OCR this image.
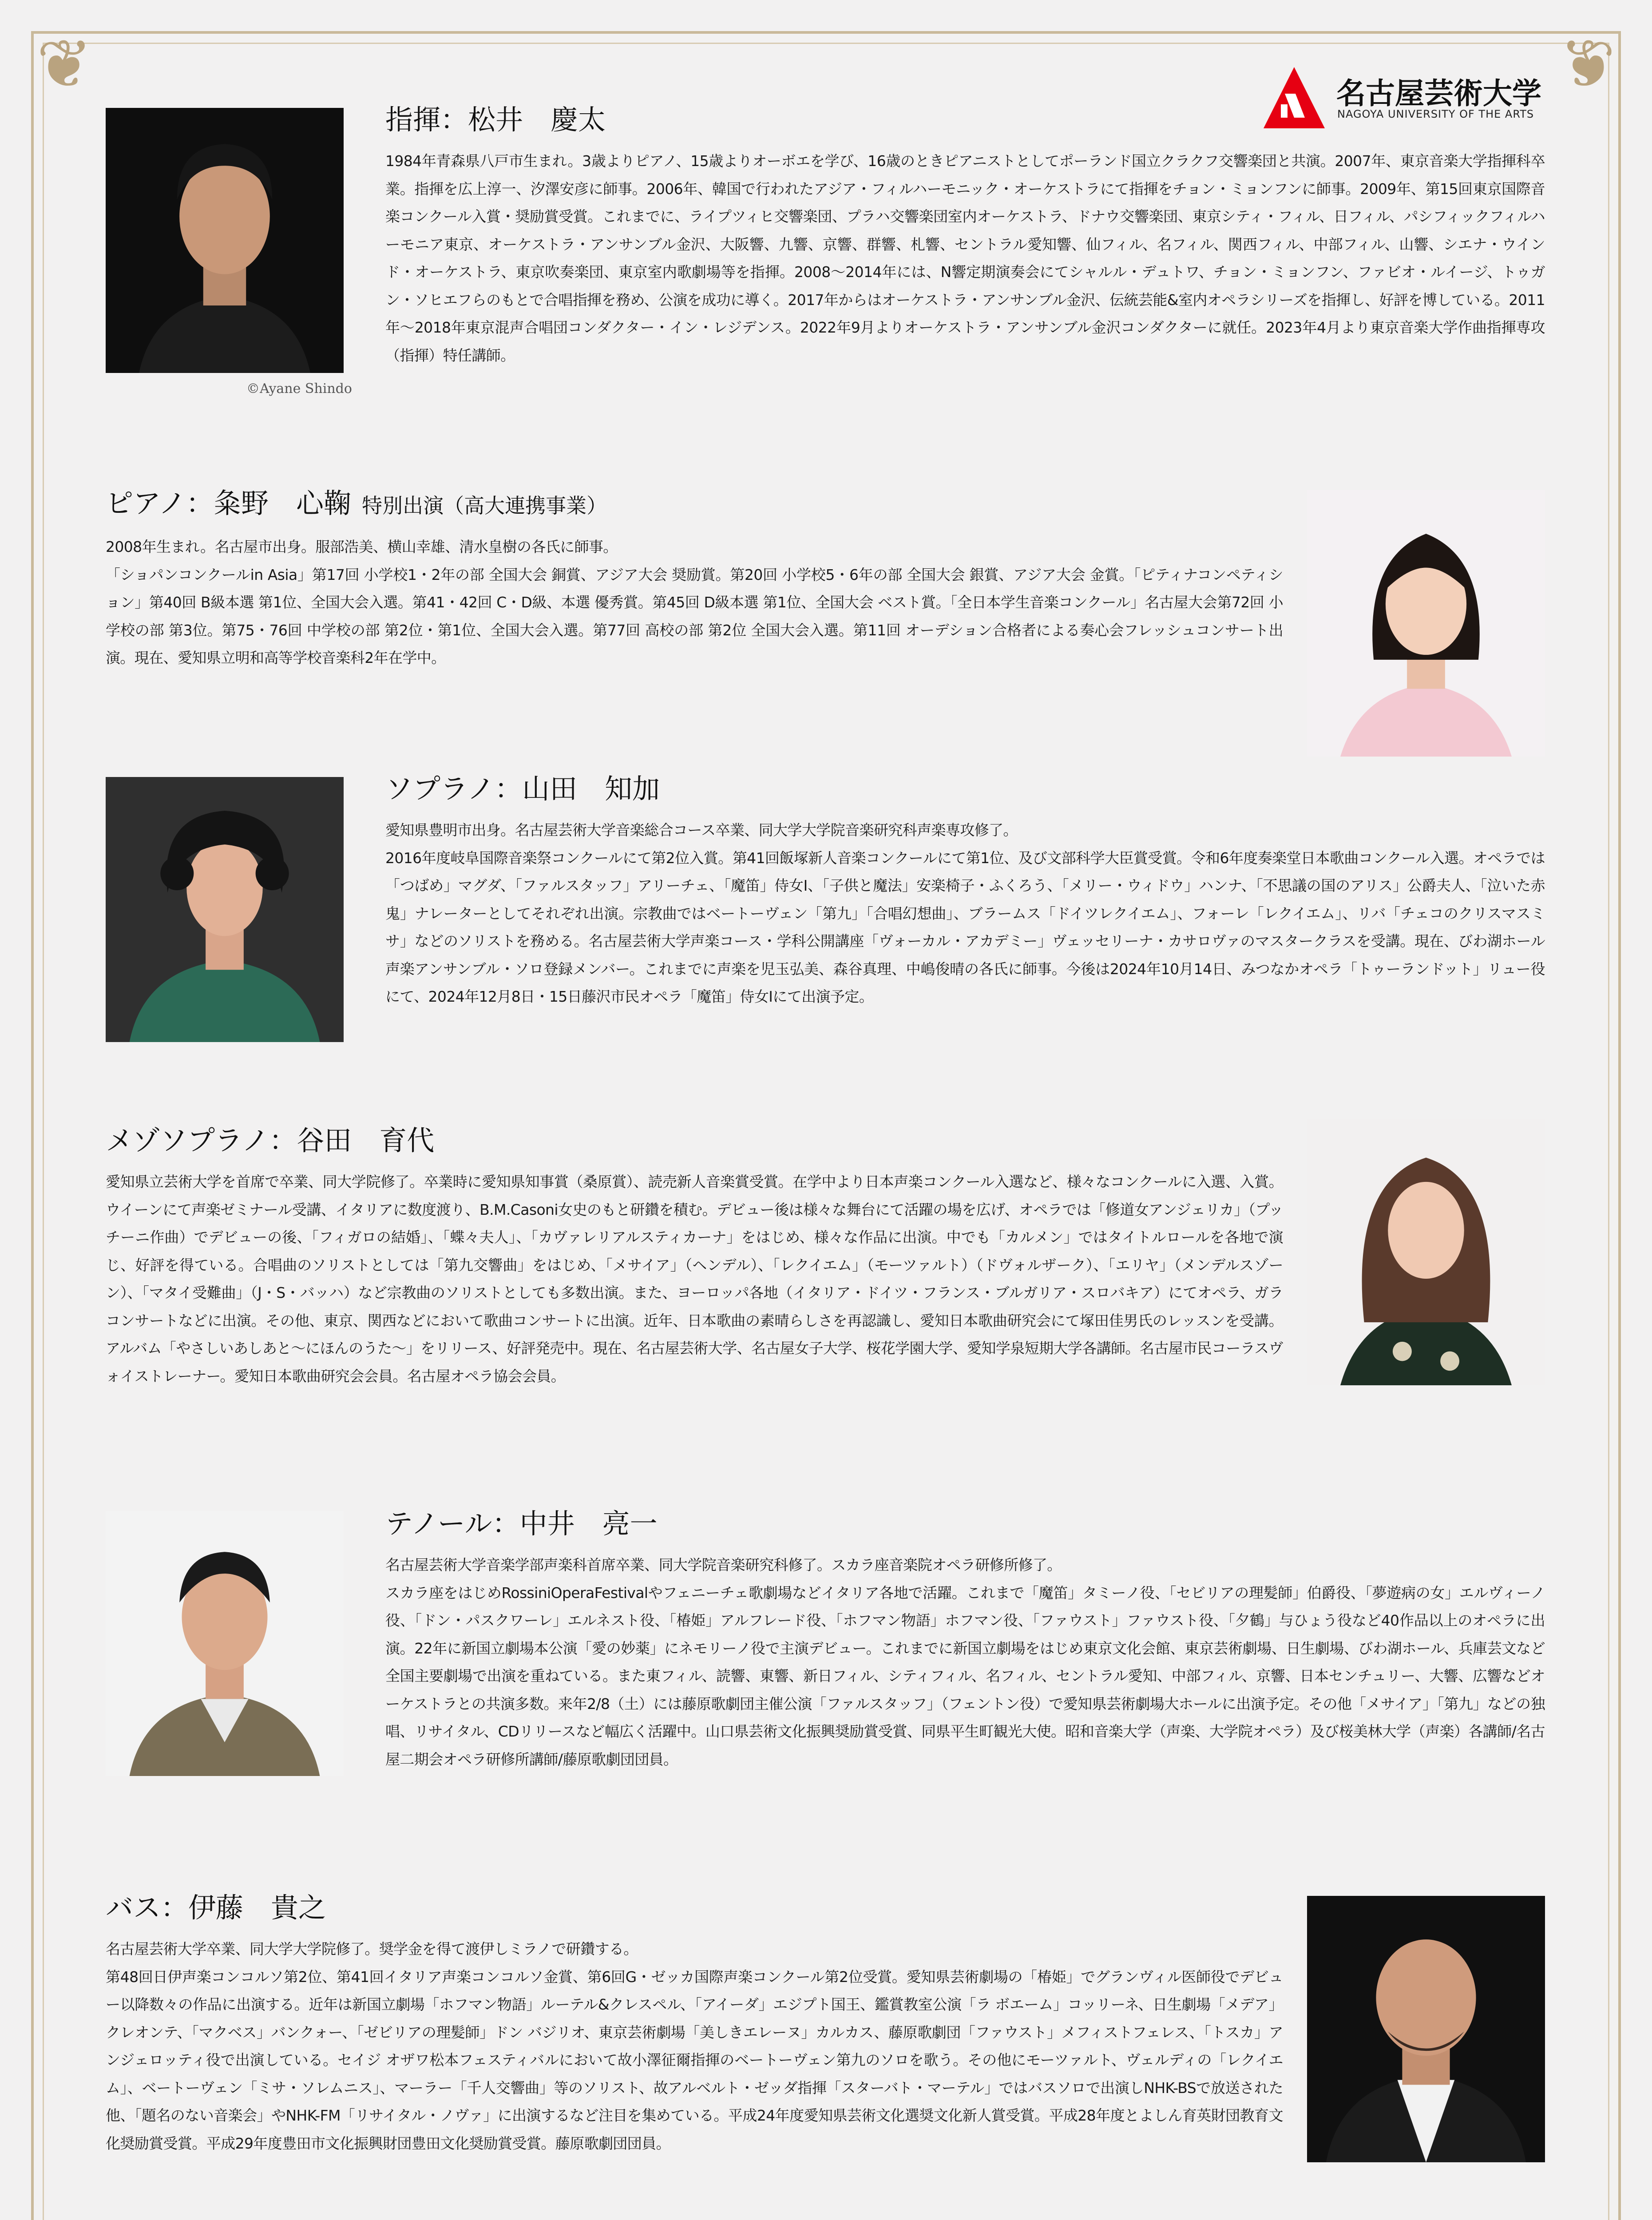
❦	❦
名古屋芸術大学
NAGOYA UNIVERSITY OF THE ARTS
©Ayane Shindo
指揮：松井　慶太

1984年青森県八戸市生まれ。3歳よりピアノ、15歳よりオーボエを学び、16歳のときピアニストとしてポーランド国立クラクフ交響楽団と共演。2007年、東京音楽大学指揮科卒業。指揮を広上淳一、汐澤安彦に師事。2006年、韓国で行われたアジア・フィルハーモニック・オーケストラにて指揮をチョン・ミョンフンに師事。2009年、第15回東京国際音楽コンクール入賞・奨励賞受賞。これまでに、ライプツィヒ交響楽団、プラハ交響楽団室内オーケストラ、ドナウ交響楽団、東京シティ・フィル、日フィル、パシフィックフィルハーモニア東京、オーケストラ・アンサンブル金沢、大阪響、九響、京響、群響、札響、セントラル愛知響、仙フィル、名フィル、関西フィル、中部フィル、山響、シエナ・ウインド・オーケストラ、東京吹奏楽団、東京室内歌劇場等を指揮。2008〜2014年には、N響定期演奏会にてシャルル・デュトワ、チョン・ミョンフン、ファビオ・ルイージ、トゥガン・ソヒエフらのもとで合唱指揮を務め、公演を成功に導く。2017年からはオーケストラ・アンサンブル金沢、伝統芸能&室内オペラシリーズを指揮し、好評を博している。2011年〜2018年東京混声合唱団コンダクター・イン・レジデンス。2022年9月よりオーケストラ・アンサンブル金沢コンダクターに就任。2023年4月より東京音楽大学作曲指揮専攻（指揮）特任講師。

ピアノ：粂野　心鞠 特別出演（高大連携事業）

2008年生まれ。名古屋市出身。服部浩美、横山幸雄、清水皇樹の各氏に師事。

「ショパンコンクールin Asia」第17回 小学校1・2年の部 全国大会 銅賞、アジア大会 奨励賞。第20回 小学校5・6年の部 全国大会 銀賞、アジア大会 金賞。「ピティナコンペティション」第40回 B級本選 第1位、全国大会入選。第41・42回 C・D級、本選 優秀賞。第45回 D級本選 第1位、全国大会 ベスト賞。「全日本学生音楽コンクール」名古屋大会第72回 小学校の部 第3位。第75・76回 中学校の部 第2位・第1位、全国大会入選。第77回 高校の部 第2位 全国大会入選。第11回 オーデション合格者による奏心会フレッシュコンサート出演。現在、愛知県立明和高等学校音楽科2年在学中。

ソプラノ：山田　知加

愛知県豊明市出身。名古屋芸術大学音楽総合コース卒業、同大学大学院音楽研究科声楽専攻修了。

2016年度岐阜国際音楽祭コンクールにて第2位入賞。第41回飯塚新人音楽コンクールにて第1位、及び文部科学大臣賞受賞。令和6年度奏楽堂日本歌曲コンクール入選。オペラでは「つばめ」マグダ、「ファルスタッフ」アリーチェ、「魔笛」侍女Ⅰ、「子供と魔法」安楽椅子・ふくろう、「メリー・ウィドウ」ハンナ、「不思議の国のアリス」公爵夫人、「泣いた赤鬼」ナレーターとしてそれぞれ出演。宗教曲ではベートーヴェン「第九」「合唱幻想曲」、ブラームス「ドイツレクイエム」、フォーレ「レクイエム」、リバ「チェコのクリスマスミサ」などのソリストを務める。名古屋芸術大学声楽コース・学科公開講座「ヴォーカル・アカデミー」ヴェッセリーナ・カサロヴァのマスタークラスを受講。現在、びわ湖ホール声楽アンサンブル・ソロ登録メンバー。これまでに声楽を児玉弘美、森谷真理、中嶋俊晴の各氏に師事。今後は2024年10月14日、みつなかオペラ「トゥーランドット」リュー役にて、2024年12月8日・15日藤沢市民オペラ「魔笛」侍女Ⅰにて出演予定。

メゾソプラノ：谷田　育代

愛知県立芸術大学を首席で卒業、同大学院修了。卒業時に愛知県知事賞（桑原賞）、読売新人音楽賞受賞。在学中より日本声楽コンクール入選など、様々なコンクールに入選、入賞。ウイーンにて声楽ゼミナール受講、イタリアに数度渡り、B.M.Casoni女史のもと研鑽を積む。デビュー後は様々な舞台にて活躍の場を広げ、オペラでは「修道女アンジェリカ」（プッチーニ作曲）でデビューの後、「フィガロの結婚」、「蝶々夫人」、「カヴァレリアルスティカーナ」をはじめ、様々な作品に出演。中でも「カルメン」ではタイトルロールを各地で演じ、好評を得ている。合唱曲のソリストとしては「第九交響曲」をはじめ、「メサイア」（ヘンデル）、「レクイエム」（モーツァルト）（ドヴォルザーク）、「エリヤ」（メンデルスゾーン）、「マタイ受難曲」（J・S・バッハ）など宗教曲のソリストとしても多数出演。また、ヨーロッパ各地（イタリア・ドイツ・フランス・ブルガリア・スロバキア）にてオペラ、ガラコンサートなどに出演。その他、東京、関西などにおいて歌曲コンサートに出演。近年、日本歌曲の素晴らしさを再認識し、愛知日本歌曲研究会にて塚田佳男氏のレッスンを受講。アルバム「やさしいあしあと〜にほんのうた〜」をリリース、好評発売中。現在、名古屋芸術大学、名古屋女子大学、桜花学園大学、愛知学泉短期大学各講師。名古屋市民コーラスヴォイストレーナー。愛知日本歌曲研究会会員。名古屋オペラ協会会員。

テノール：中井　亮一

名古屋芸術大学音楽学部声楽科首席卒業、同大学院音楽研究科修了。スカラ座音楽院オペラ研修所修了。

スカラ座をはじめRossiniOperaFestivalやフェニーチェ歌劇場などイタリア各地で活躍。これまで「魔笛」タミーノ役、「セビリアの理髪師」伯爵役、「夢遊病の女」エルヴィーノ役、「ドン・パスクワーレ」エルネスト役、「椿姫」アルフレード役、「ホフマン物語」ホフマン役、「ファウスト」ファウスト役、「夕鶴」与ひょう役など40作品以上のオペラに出演。22年に新国立劇場本公演「愛の妙薬」にネモリーノ役で主演デビュー。これまでに新国立劇場をはじめ東京文化会館、東京芸術劇場、日生劇場、びわ湖ホール、兵庫芸文など全国主要劇場で出演を重ねている。また東フィル、読響、東響、新日フィル、シティフィル、名フィル、セントラル愛知、中部フィル、京響、日本センチュリー、大響、広響などオーケストラとの共演多数。来年2/8（土）には藤原歌劇団主催公演「ファルスタッフ」（フェントン役）で愛知県芸術劇場大ホールに出演予定。その他「メサイア」「第九」などの独唱、リサイタル、CDリリースなど幅広く活躍中。山口県芸術文化振興奨励賞受賞、同県平生町観光大使。昭和音楽大学（声楽、大学院オペラ）及び桜美林大学（声楽）各講師/名古屋二期会オペラ研修所講師/藤原歌劇団団員。

バス：伊藤　貴之

名古屋芸術大学卒業、同大学大学院修了。奨学金を得て渡伊しミラノで研鑽する。

第48回日伊声楽コンコルソ第2位、第41回イタリア声楽コンコルソ金賞、第6回G・ゼッカ国際声楽コンクール第2位受賞。愛知県芸術劇場の「椿姫」でグランヴィル医師役でデビュー以降数々の作品に出演する。近年は新国立劇場「ホフマン物語」ルーテル&クレスペル、「アイーダ」エジプト国王、鑑賞教室公演「ラ ボエーム」コッリーネ、日生劇場「メデア」クレオンテ、「マクベス」バンクォー、「ゼビリアの理髪師」ドン バジリオ、東京芸術劇場「美しきエレーヌ」カルカス、藤原歌劇団「ファウスト」メフィストフェレス、「トスカ」アンジェロッティ役で出演している。セイジ オザワ松本フェスティバルにおいて故小澤征爾指揮のベートーヴェン第九のソロを歌う。その他にモーツァルト、ヴェルディの「レクイエム」、ベートーヴェン「ミサ・ソレムニス」、マーラー「千人交響曲」等のソリスト、故アルベルト・ゼッダ指揮「スターバト・マーテル」ではバスソロで出演しNHK-BSで放送された他、「題名のない音楽会」やNHK-FM「リサイタル・ノヴァ」に出演するなど注目を集めている。平成24年度愛知県芸術文化選奨文化新人賞受賞。平成28年度とよしん育英財団教育文化奨励賞受賞。平成29年度豊田市文化振興財団豊田文化奨励賞受賞。藤原歌劇団団員。
